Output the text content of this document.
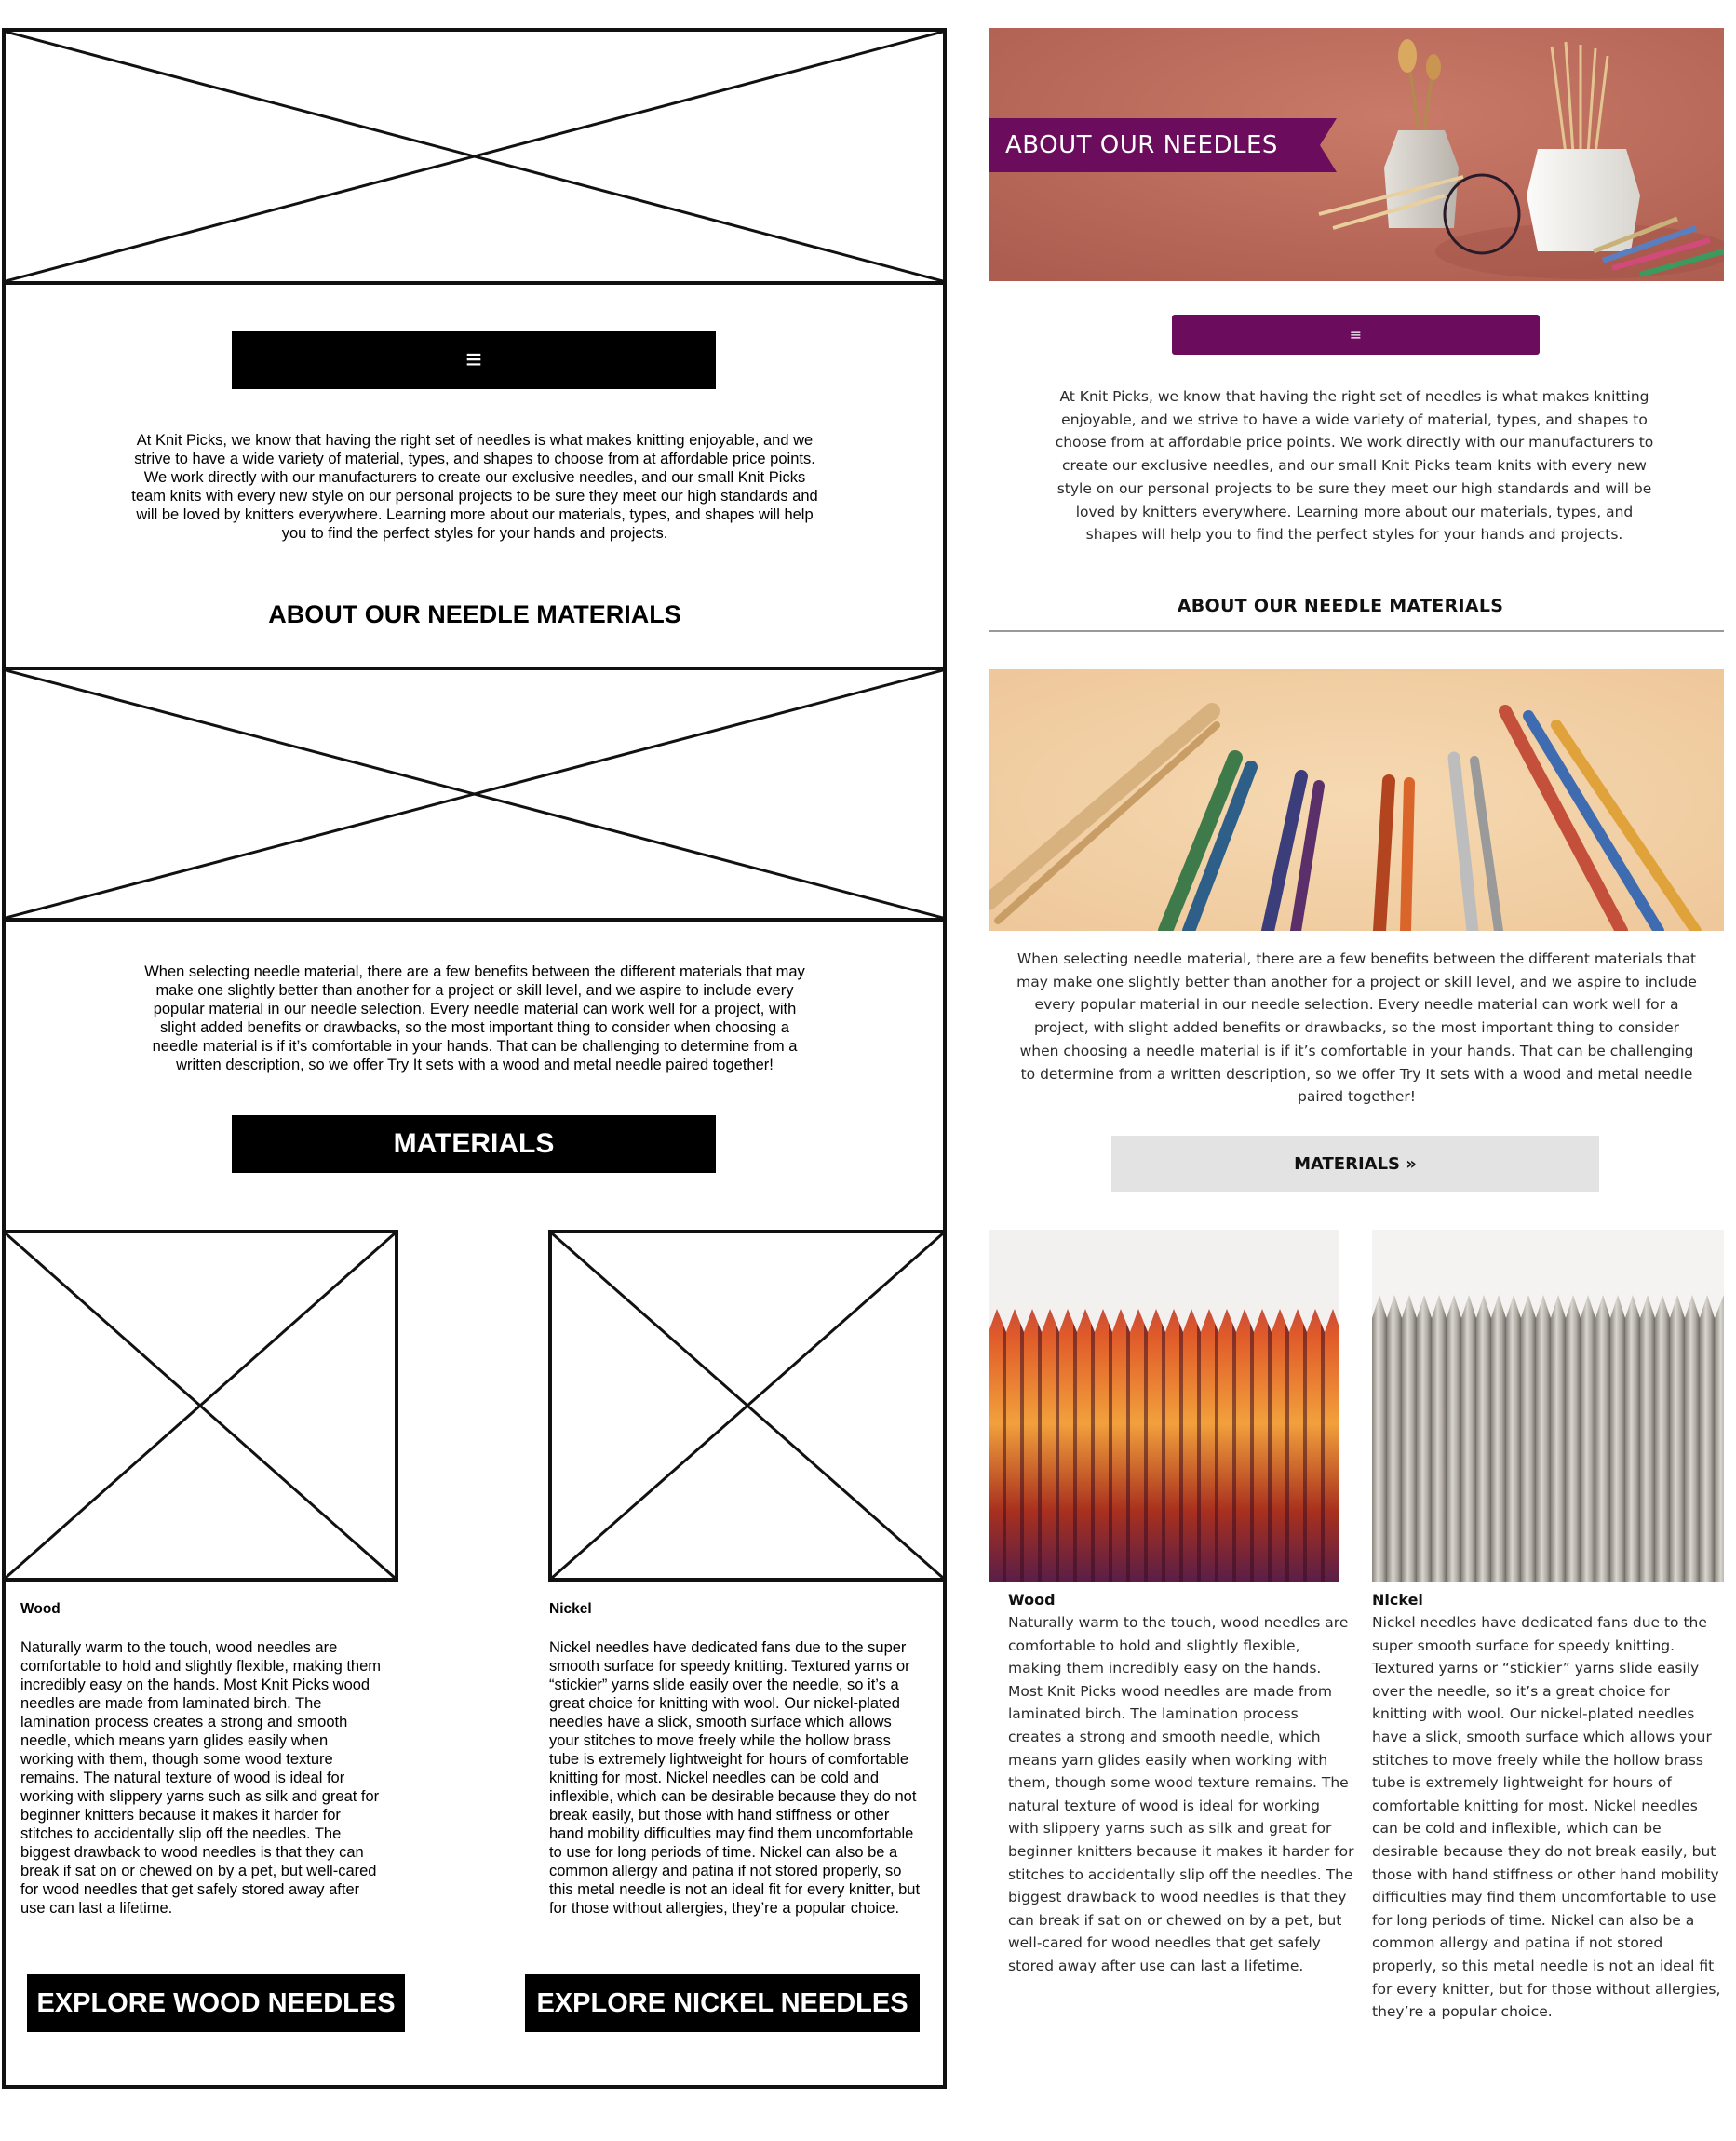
≡
At Knit Picks, we know that having the right set of needles is what makes knitting enjoyable, and we strive to have a wide variety of material, types, and shapes to choose from at affordable price points. We work directly with our manufacturers to create our exclusive needles, and our small Knit Picks team knits with every new style on our personal projects to be sure they meet our high standards and will be loved by knitters everywhere. Learning more about our materials, types, and shapes will help you to find the perfect styles for your hands and projects.
ABOUT OUR NEEDLE MATERIALS
When selecting needle material, there are a few benefits between the different materials that may make one slightly better than another for a project or skill level, and we aspire to include every popular material in our needle selection. Every needle material can work well for a project, with slight added benefits or drawbacks, so the most important thing to consider when choosing a needle material is if it’s comfortable in your hands. That can be challenging to determine from a written description, so we offer Try It sets with a wood and metal needle paired together!
MATERIALS
Wood
Naturally warm to the touch, wood needles are comfortable to hold and slightly flexible, making them incredibly easy on the hands. Most Knit Picks wood needles are made from laminated birch. The lamination process creates a strong and smooth needle, which means yarn glides easily when working with them, though some wood texture remains. The natural texture of wood is ideal for working with slippery yarns such as silk and great for beginner knitters because it makes it harder for stitches to accidentally slip off the needles. The biggest drawback to wood needles is that they can break if sat on or chewed on by a pet, but well-cared for wood needles that get safely stored away after use can last a lifetime.
Nickel
Nickel needles have dedicated fans due to the super smooth surface for speedy knitting. Textured yarns or “stickier” yarns slide easily over the needle, so it’s a great choice for knitting with wool. Our nickel-plated needles have a slick, smooth surface which allows your stitches to move freely while the hollow brass tube is extremely lightweight for hours of comfortable knitting for most. Nickel needles can be cold and inflexible, which can be desirable because they do not break easily, but those with hand stiffness or other hand mobility difficulties may find them uncomfortable to use for long periods of time. Nickel can also be a common allergy and patina if not stored properly, so this metal needle is not an ideal fit for every knitter, but for those without allergies, they’re a popular choice.
EXPLORE WOOD NEEDLES	EXPLORE NICKEL NEEDLES
ABOUT OUR NEEDLES
≡
At Knit Picks, we know that having the right set of needles is what makes knitting enjoyable, and we strive to have a wide variety of material, types, and shapes to choose from at affordable price points. We work directly with our manufacturers to create our exclusive needles, and our small Knit Picks team knits with every new style on our personal projects to be sure they meet our high standards and will be loved by knitters everywhere. Learning more about our materials, types, and shapes will help you to find the perfect styles for your hands and projects.
ABOUT OUR NEEDLE MATERIALS
When selecting needle material, there are a few benefits between the different materials that may make one slightly better than another for a project or skill level, and we aspire to include every popular material in our needle selection. Every needle material can work well for a project, with slight added benefits or drawbacks, so the most important thing to consider when choosing a needle material is if it’s comfortable in your hands. That can be challenging to determine from a written description, so we offer Try It sets with a wood and metal needle paired together!
MATERIALS »
Wood
Naturally warm to the touch, wood needles are comfortable to hold and slightly flexible, making them incredibly easy on the hands. Most Knit Picks wood needles are made from laminated birch. The lamination process creates a strong and smooth needle, which means yarn glides easily when working with them, though some wood texture remains. The natural texture of wood is ideal for working with slippery yarns such as silk and great for beginner knitters because it makes it harder for stitches to accidentally slip off the needles. The biggest drawback to wood needles is that they can break if sat on or chewed on by a pet, but well-cared for wood needles that get safely stored away after use can last a lifetime.
Nickel
Nickel needles have dedicated fans due to the super smooth surface for speedy knitting. Textured yarns or “stickier” yarns slide easily over the needle, so it’s a great choice for knitting with wool. Our nickel-plated needles have a slick, smooth surface which allows your stitches to move freely while the hollow brass tube is extremely lightweight for hours of comfortable knitting for most. Nickel needles can be cold and inflexible, which can be desirable because they do not break easily, but those with hand stiffness or other hand mobility difficulties may find them uncomfortable to use for long periods of time. Nickel can also be a common allergy and patina if not stored properly, so this metal needle is not an ideal fit for every knitter, but for those without allergies, they’re a popular choice.
